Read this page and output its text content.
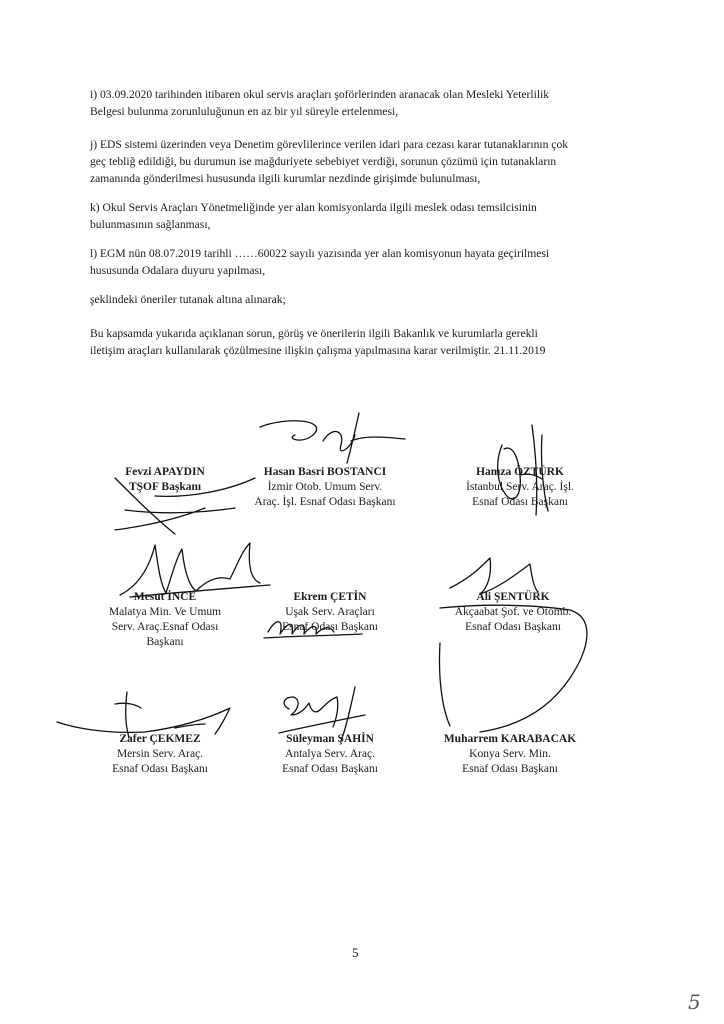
i) 03.09.2020 tarihinden itibaren okul servis araçları şoförlerinden aranacak olan Mesleki Yeterlilik

Belgesi bulunma zorunluluğunun en az bir yıl süreyle ertelenmesi,

j) EDS sistemi üzerinden veya Denetim görevlilerince verilen idari para cezası karar tutanaklarının çok

geç tebliğ edildiği, bu durumun ise mağduriyete sebebiyet verdiği, sorunun çözümü için tutanakların

zamanında gönderilmesi hususunda ilgili kurumlar nezdinde girişimde bulunulması,

k) Okul Servis Araçları Yönetmeliğinde yer alan komisyonlarda ilgili meslek odası temsilcisinin

bulunmasının sağlanması,

l) EGM nün 08.07.2019 tarihli ……60022 sayılı yazısında yer alan komisyonun hayata geçirilmesi

hususunda Odalara duyuru yapılması,

şeklindeki öneriler tutanak altına alınarak;

Bu kapsamda yukarıda açıklanan sorun, görüş ve önerilerin ilgili Bakanlık ve kurumlarla gerekli

iletişim araçları kullanılarak çözülmesine ilişkin çalışma yapılmasına karar verilmiştir. 21.11.2019

Fevzi APAYDIN
TŞOF Başkanı
Hasan Basri BOSTANCI
İzmir Otob. Umum Serv.
Araç. İşl. Esnaf Odası Başkanı
Hamza ÖZTÜRK
İstanbul Serv. Araç. İşl.
Esnaf Odası Başkanı
Mesut İNCE
Malatya Min. Ve Umum
Serv. Araç.Esnaf Odası
Başkanı
Ekrem ÇETİN
Uşak Serv. Araçları
Esnaf Odası Başkanı
Ali ŞENTÜRK
Akçaabat Şof. ve Otomb.
Esnaf Odası Başkanı
Zafer ÇEKMEZ
Mersin Serv. Araç.
Esnaf Odası Başkanı
Süleyman ŞAHİN
Antalya Serv. Araç.
Esnaf Odası Başkanı
Muharrem KARABACAK
Konya Serv. Min.
Esnaf Odası Başkanı
5
5
